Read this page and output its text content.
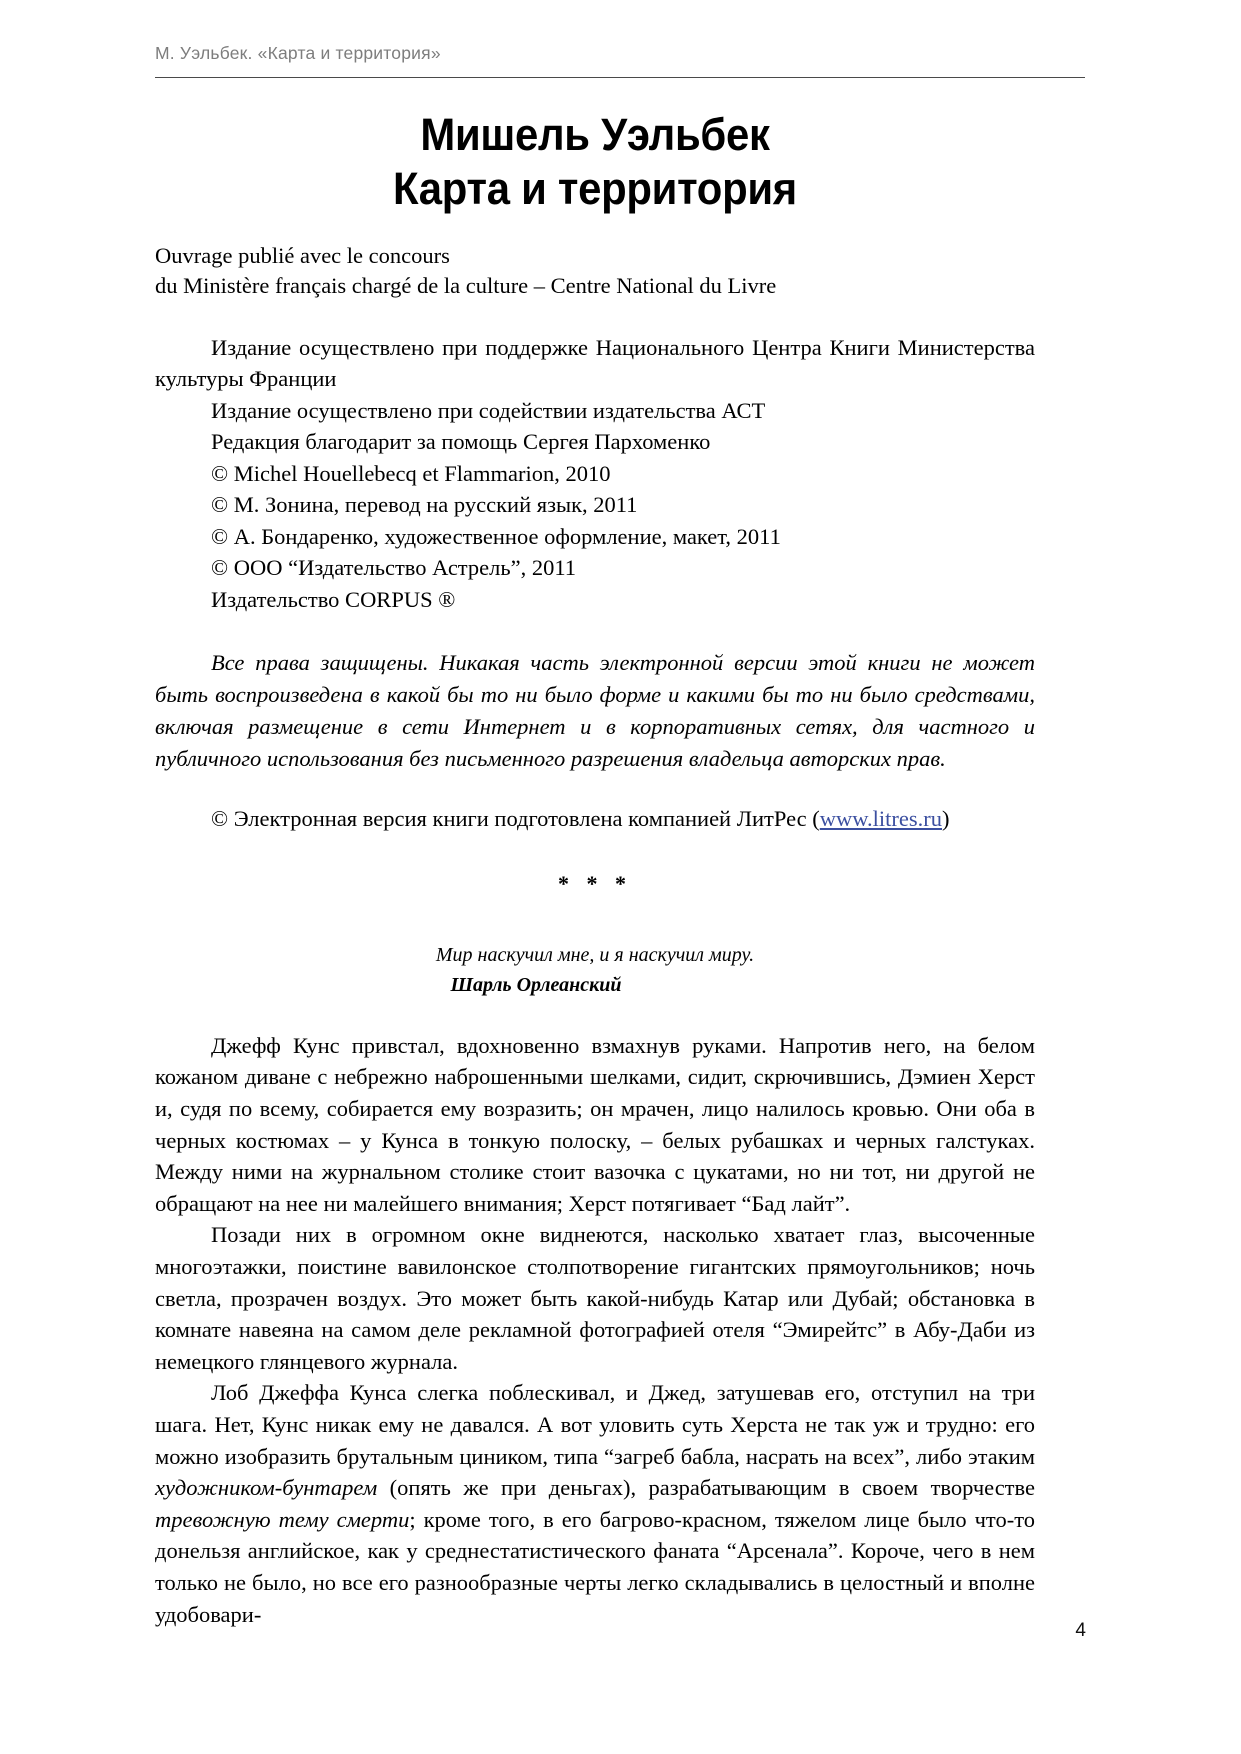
М. Уэльбек. «Карта и территория»
Мишель Уэльбек
Карта и территория
Ouvrage publié avec le concours
du Ministère français chargé de la culture – Centre National du Livre

Издание осуществлено при поддержке Национального Центра Книги Министерства культуры Франции

Издание осуществлено при содействии издательства АСТ

Редакция благодарит за помощь Сергея Пархоменко

© Michel Houellebecq et Flammarion, 2010

© М. Зонина, перевод на русский язык, 2011

© А. Бондаренко, художественное оформление, макет, 2011

© ООО “Издательство Астрель”, 2011

Издательство CORPUS ®

Все права защищены. Никакая часть электронной версии этой книги не может быть воспроизведена в какой бы то ни было форме и какими бы то ни было средствами, включая размещение в сети Интернет и в корпоративных сетях, для частного и публичного использования без письменного разрешения владельца авторских прав.

© Электронная версия книги подготовлена компанией ЛитРес (www.litres.ru)

* * *
Мир наскучил мне, и я наскучил миру.
Шарль Орлеанский

Джефф Кунс привстал, вдохновенно взмахнув руками. Напротив него, на белом кожаном диване с небрежно наброшенными шелками, сидит, скрючившись, Дэмиен Херст и, судя по всему, собирается ему возразить; он мрачен, лицо налилось кровью. Они оба в черных костюмах – у Кунса в тонкую полоску, – белых рубашках и черных галстуках. Между ними на журнальном столике стоит вазочка с цукатами, но ни тот, ни другой не обращают на нее ни малейшего внимания; Херст потягивает “Бад лайт”.

Позади них в огромном окне виднеются, насколько хватает глаз, высоченные многоэтажки, поистине вавилонское столпотворение гигантских прямоугольников; ночь светла, прозрачен воздух. Это может быть какой-нибудь Катар или Дубай; обстановка в комнате навеяна на самом деле рекламной фотографией отеля “Эмирейтс” в Абу-Даби из немецкого глянцевого журнала.

Лоб Джеффа Кунса слегка поблескивал, и Джед, затушевав его, отступил на три шага. Нет, Кунс никак ему не давался. А вот уловить суть Херста не так уж и трудно: его можно изобразить брутальным циником, типа “загреб бабла, насрать на всех”, либо этаким художником-бунтарем (опять же при деньгах), разрабатывающим в своем творчестве тревожную тему смерти; кроме того, в его багрово-красном, тяжелом лице было что-то донельзя английское, как у среднестатистического фаната “Арсенала”. Короче, чего в нем только не было, но все его разнообразные черты легко складывались в целостный и вполне удобовари-

4
